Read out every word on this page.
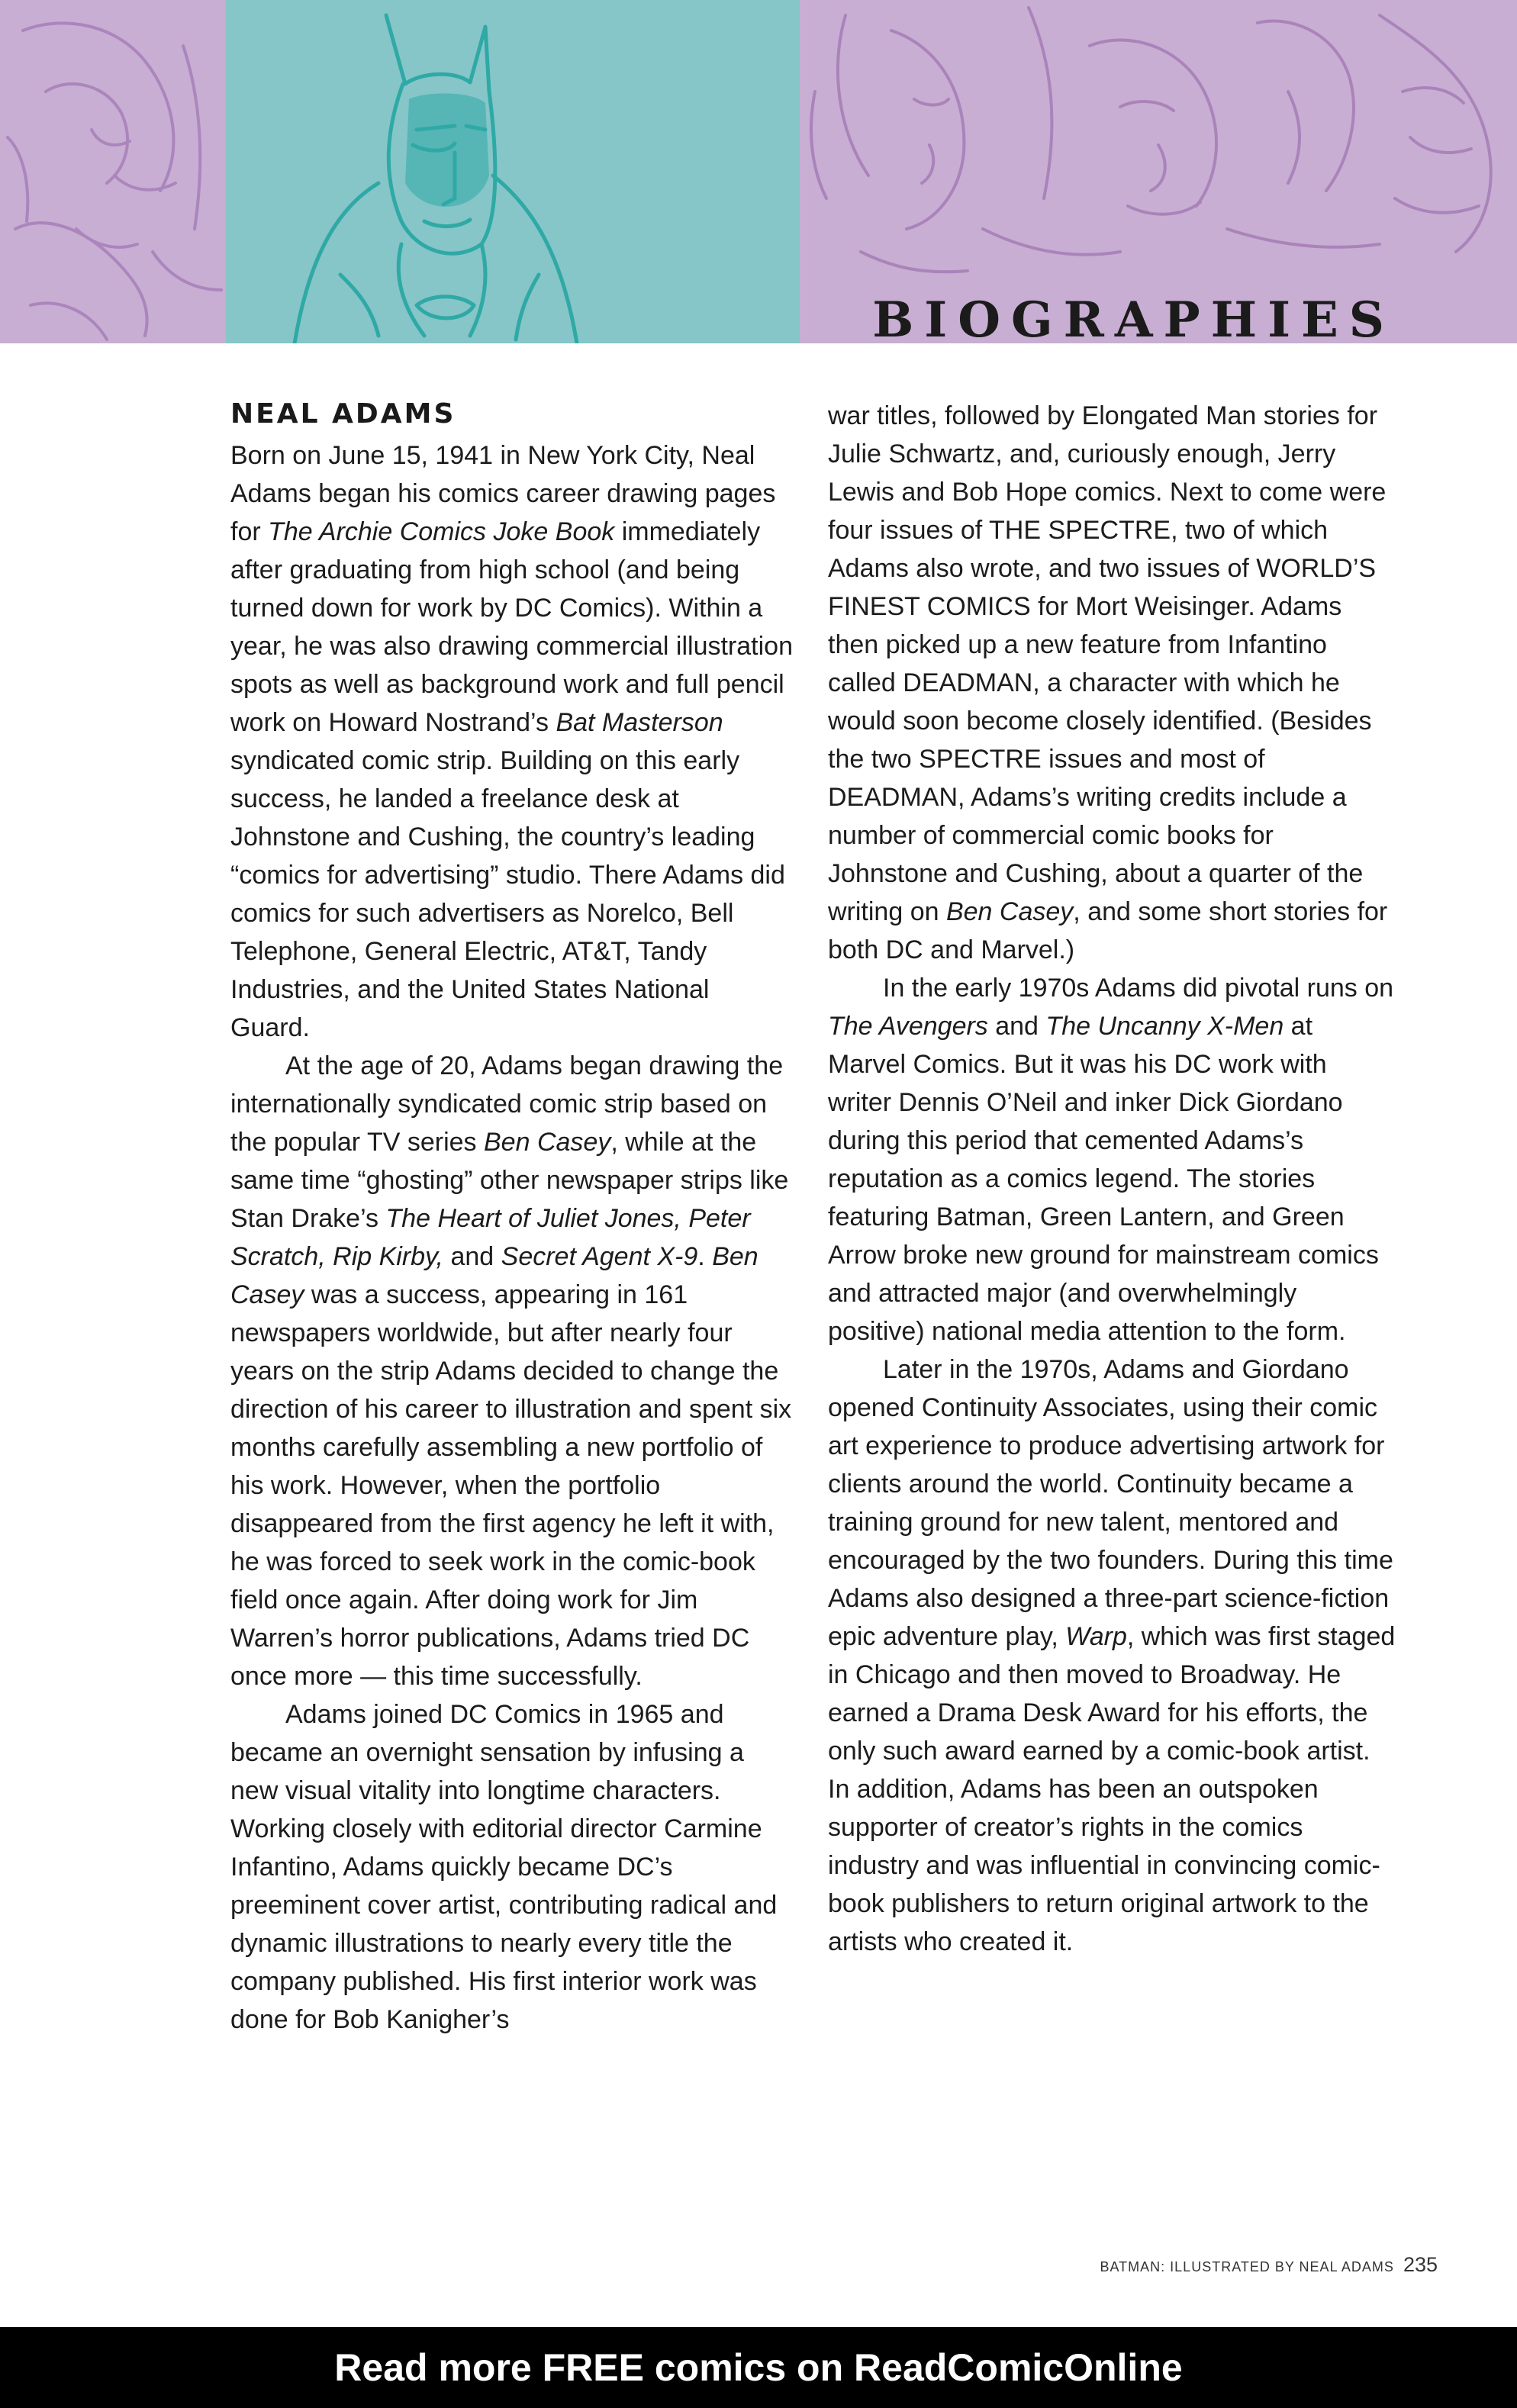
BIOGRAPHIES
NEAL ADAMS

Born on June 15, 1941 in New York City, Neal Adams began his comics career drawing pages for The Archie Comics Joke Book immediately after graduating from high school (and being turned down for work by DC Comics). Within a year, he was also drawing commercial illustration spots as well as background work and full pencil work on Howard Nostrand’s Bat Masterson syndicated comic strip. Building on this early success, he landed a freelance desk at Johnstone and Cushing, the country’s leading “comics for advertising” studio. There Adams did comics for such advertisers as Norelco, Bell Telephone, General Electric, AT&T, Tandy Industries, and the United States National Guard.

At the age of 20, Adams began drawing the internationally syndicated comic strip based on the popular TV series Ben Casey, while at the same time “ghosting” other newspaper strips like Stan Drake’s The Heart of Juliet Jones, Peter Scratch, Rip Kirby, and Secret Agent X-9. Ben Casey was a success, appearing in 161 newspapers worldwide, but after nearly four years on the strip Adams decided to change the direction of his career to illustration and spent six months carefully assembling a new portfolio of his work. However, when the portfolio disappeared from the first agency he left it with, he was forced to seek work in the comic-book field once again. After doing work for Jim Warren’s horror publications, Adams tried DC once more — this time successfully.

Adams joined DC Comics in 1965 and became an overnight sensation by infusing a new visual vitality into longtime characters. Working closely with editorial director Carmine Infantino, Adams quickly became DC’s preeminent cover artist, contributing radical and dynamic illustrations to nearly every title the company published. His first interior work was done for Bob Kanigher’s

war titles, followed by Elongated Man stories for Julie Schwartz, and, curiously enough, Jerry Lewis and Bob Hope comics. Next to come were four issues of THE SPECTRE, two of which Adams also wrote, and two issues of WORLD’S FINEST COMICS for Mort Weisinger. Adams then picked up a new feature from Infantino called DEADMAN, a character with which he would soon become closely identified. (Besides the two SPECTRE issues and most of DEADMAN, Adams’s writing credits include a number of commercial comic books for Johnstone and Cushing, about a quarter of the writing on Ben Casey, and some short stories for both DC and Marvel.)

In the early 1970s Adams did pivotal runs on The Avengers and The Uncanny X-Men at Marvel Comics. But it was his DC work with writer Dennis O’Neil and inker Dick Giordano during this period that cemented Adams’s reputation as a comics legend. The stories featuring Batman, Green Lantern, and Green Arrow broke new ground for mainstream comics and attracted major (and overwhelmingly positive) national media attention to the form.

Later in the 1970s, Adams and Giordano opened Continuity Associates, using their comic art experience to produce advertising artwork for clients around the world. Continuity became a training ground for new talent, mentored and encouraged by the two founders. During this time Adams also designed a three-part science-fiction epic adventure play, Warp, which was first staged in Chicago and then moved to Broadway. He earned a Drama Desk Award for his efforts, the only such award earned by a comic-book artist. In addition, Adams has been an outspoken supporter of creator’s rights in the comics industry and was influential in convincing comic-book publishers to return original artwork to the artists who created it.

BATMAN: ILLUSTRATED BY NEAL ADAMS 235
Read more FREE comics on ReadComicOnline
